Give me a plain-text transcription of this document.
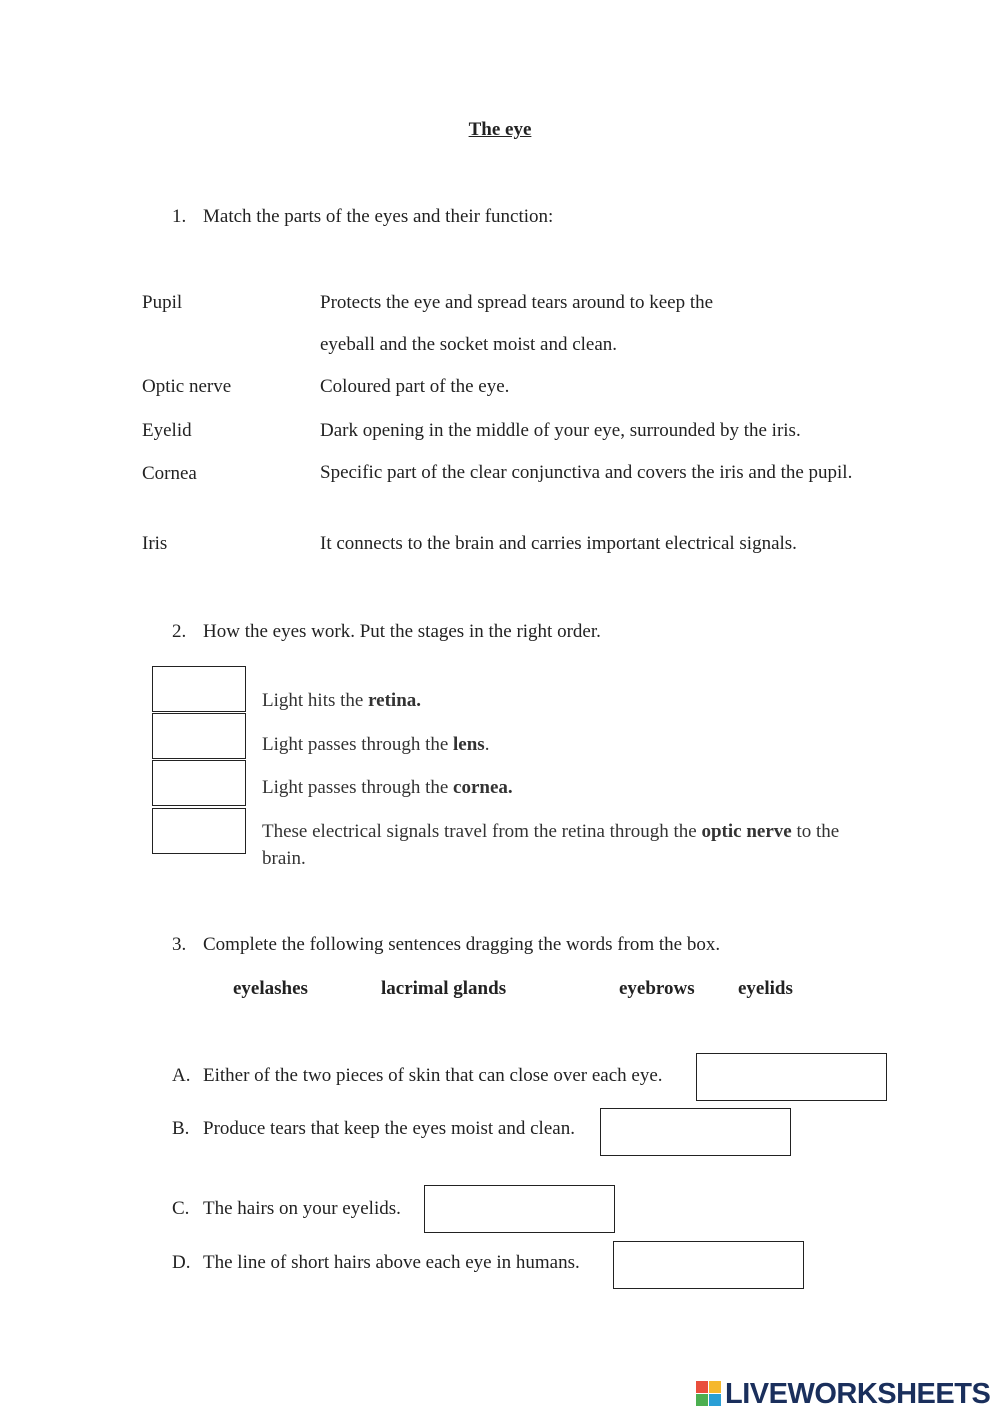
The eye
1. Match the parts of the eyes and their function:
Pupil
Optic nerve
Eyelid
Cornea
Iris
Protects the eye and spread tears around to keep the
eyeball and the socket moist and clean.
Coloured part of the eye.
Dark opening in the middle of your eye, surrounded by the iris.
Specific part of the clear conjunctiva and covers the iris and the pupil.
It connects to the brain and carries important electrical signals.
2. How the eyes work. Put the stages in the right order.
Light hits the retina.
Light passes through the lens.
Light passes through the cornea.
These electrical signals travel from the retina through the optic nerve to the brain.
3. Complete the following sentences dragging the words from the box.
eyelashes	lacrimal glands	eyebrows eyelids
A. Either of the two pieces of skin that can close over each eye.
B. Produce tears that keep the eyes moist and clean.
C. The hairs on your eyelids.
D. The line of short hairs above each eye in humans.
LIVEWORKSHEETS
